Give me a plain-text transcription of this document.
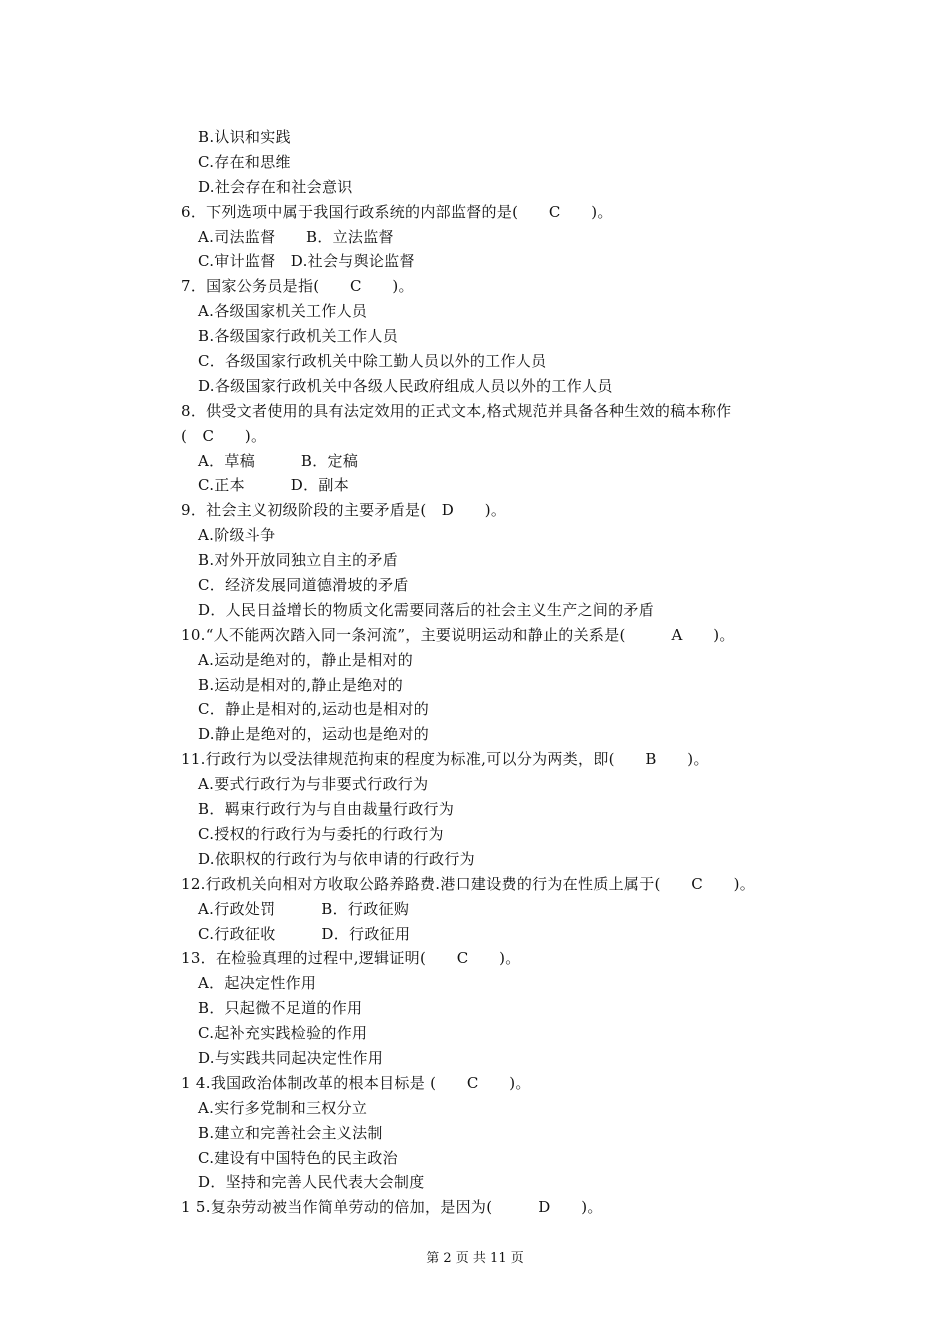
B.认识和实践
C.存在和思维
D.社会存在和社会意识
6．下列选项中属于我国行政系统的内部监督的是(　　C　　)。
A.司法监督　　B．立法监督
C.审计监督　D.社会与舆论监督
7．国家公务员是指(　　C　　)。
A.各级国家机关工作人员
B.各级国家行政机关工作人员
C．各级国家行政机关中除工勤人员以外的工作人员
D.各级国家行政机关中各级人民政府组成人员以外的工作人员
8．供受文者使用的具有法定效用的正式文本,格式规范并具备各种生效的稿本称作
(　C　　)。
A．草稿　　　B．定稿
C.正本　　　D．副本
9．社会主义初级阶段的主要矛盾是(　D　　)。
A.阶级斗争
B.对外开放同独立自主的矛盾
C．经济发展同道德滑坡的矛盾
D．人民日益增长的物质文化需要同落后的社会主义生产之间的矛盾
10.“人不能两次踏入同一条河流”，主要说明运动和静止的关系是(　　　A　　)。
A.运动是绝对的，静止是相对的
B.运动是相对的,静止是绝对的
C．静止是相对的,运动也是相对的
D.静止是绝对的，运动也是绝对的
11.行政行为以受法律规范拘束的程度为标准,可以分为两类，即(　　B　　)。
A.要式行政行为与非要式行政行为
B．羁束行政行为与自由裁量行政行为
C.授权的行政行为与委托的行政行为
D.依职权的行政行为与依申请的行政行为
12.行政机关向相对方收取公路养路费.港口建设费的行为在性质上属于(　　C　　)。
A.行政处罚　　　B．行政征购
C.行政征收　　　D．行政征用
13．在检验真理的过程中,逻辑证明(　　C　　)。
A．起决定性作用
B．只起微不足道的作用
C.起补充实践检验的作用
D.与实践共同起决定性作用
1 4.我国政治体制改革的根本目标是 (　　C　　)。
A.实行多党制和三权分立
B.建立和完善社会主义法制
C.建设有中国特色的民主政治
D．坚持和完善人民代表大会制度
1 5.复杂劳动被当作简单劳动的倍加，是因为(　　　D　　)。
第 2 页 共 11 页
